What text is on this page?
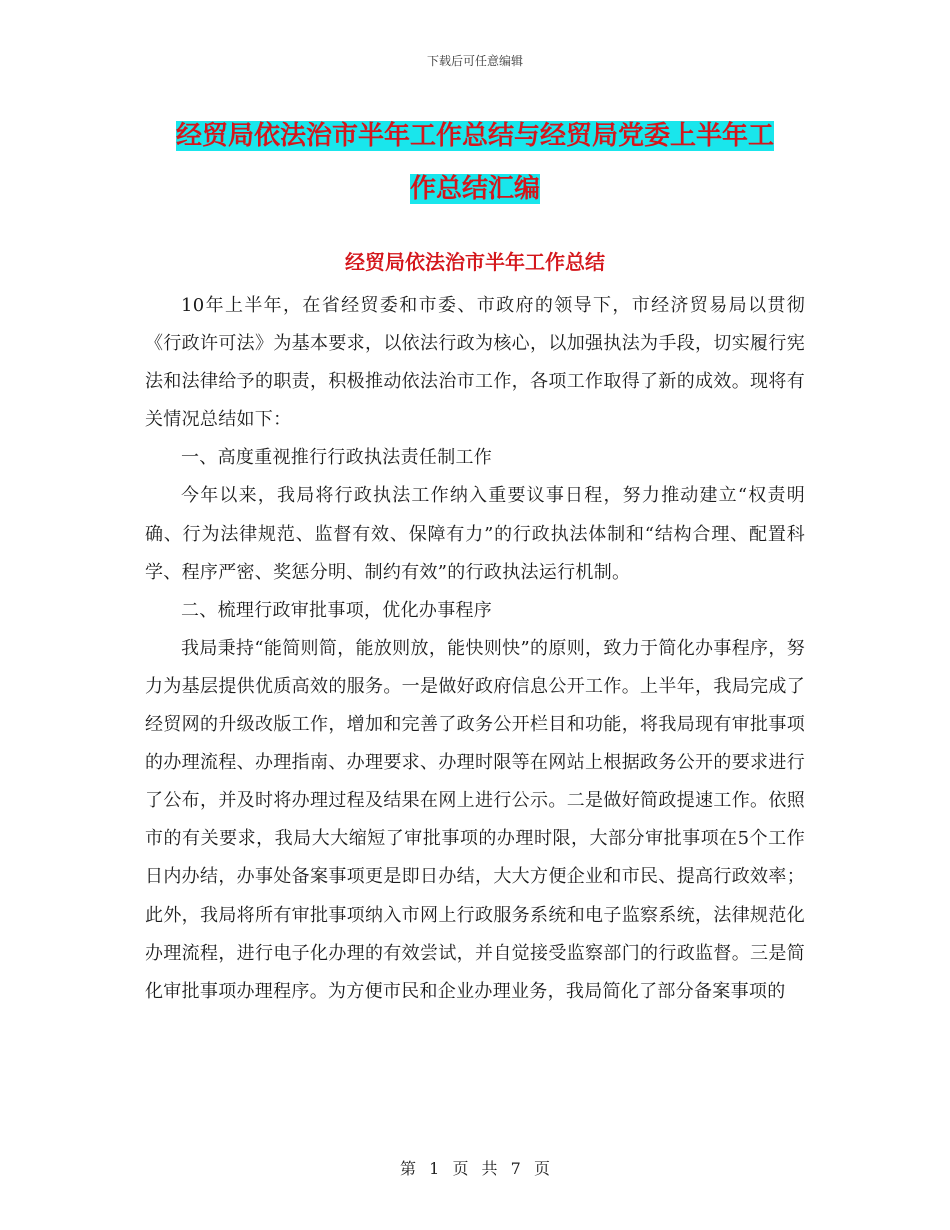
下载后可任意编辑
经贸局依法治市半年工作总结与经贸局党委上半年工
作总结汇编
经贸局依法治市半年工作总结

10年上半年，在省经贸委和市委、市政府的领导下，市经济贸易局以贯彻《行政许可法》为基本要求，以依法行政为核心，以加强执法为手段，切实履行宪法和法律给予的职责，积极推动依法治市工作，各项工作取得了新的成效。现将有关情况总结如下：

一、高度重视推行行政执法责任制工作

今年以来，我局将行政执法工作纳入重要议事日程，努力推动建立“权责明确、行为法律规范、监督有效、保障有力”的行政执法体制和“结构合理、配置科学、程序严密、奖惩分明、制约有效”的行政执法运行机制。

二、梳理行政审批事项，优化办事程序

我局秉持“能简则简，能放则放，能快则快”的原则，致力于简化办事程序，努力为基层提供优质高效的服务。一是做好政府信息公开工作。上半年，我局完成了经贸网的升级改版工作，增加和完善了政务公开栏目和功能，将我局现有审批事项的办理流程、办理指南、办理要求、办理时限等在网站上根据政务公开的要求进行了公布，并及时将办理过程及结果在网上进行公示。二是做好简政提速工作。依照市的有关要求，我局大大缩短了审批事项的办理时限，大部分审批事项在5个工作日内办结，办事处备案事项更是即日办结，大大方便企业和市民、提高行政效率；此外，我局将所有审批事项纳入市网上行政服务系统和电子监察系统，法律规范化办理流程，进行电子化办理的有效尝试，并自觉接受监察部门的行政监督。三是简化审批事项办理程序。为方便市民和企业办理业务，我局简化了部分备案事项的

第 1 页 共 7 页
